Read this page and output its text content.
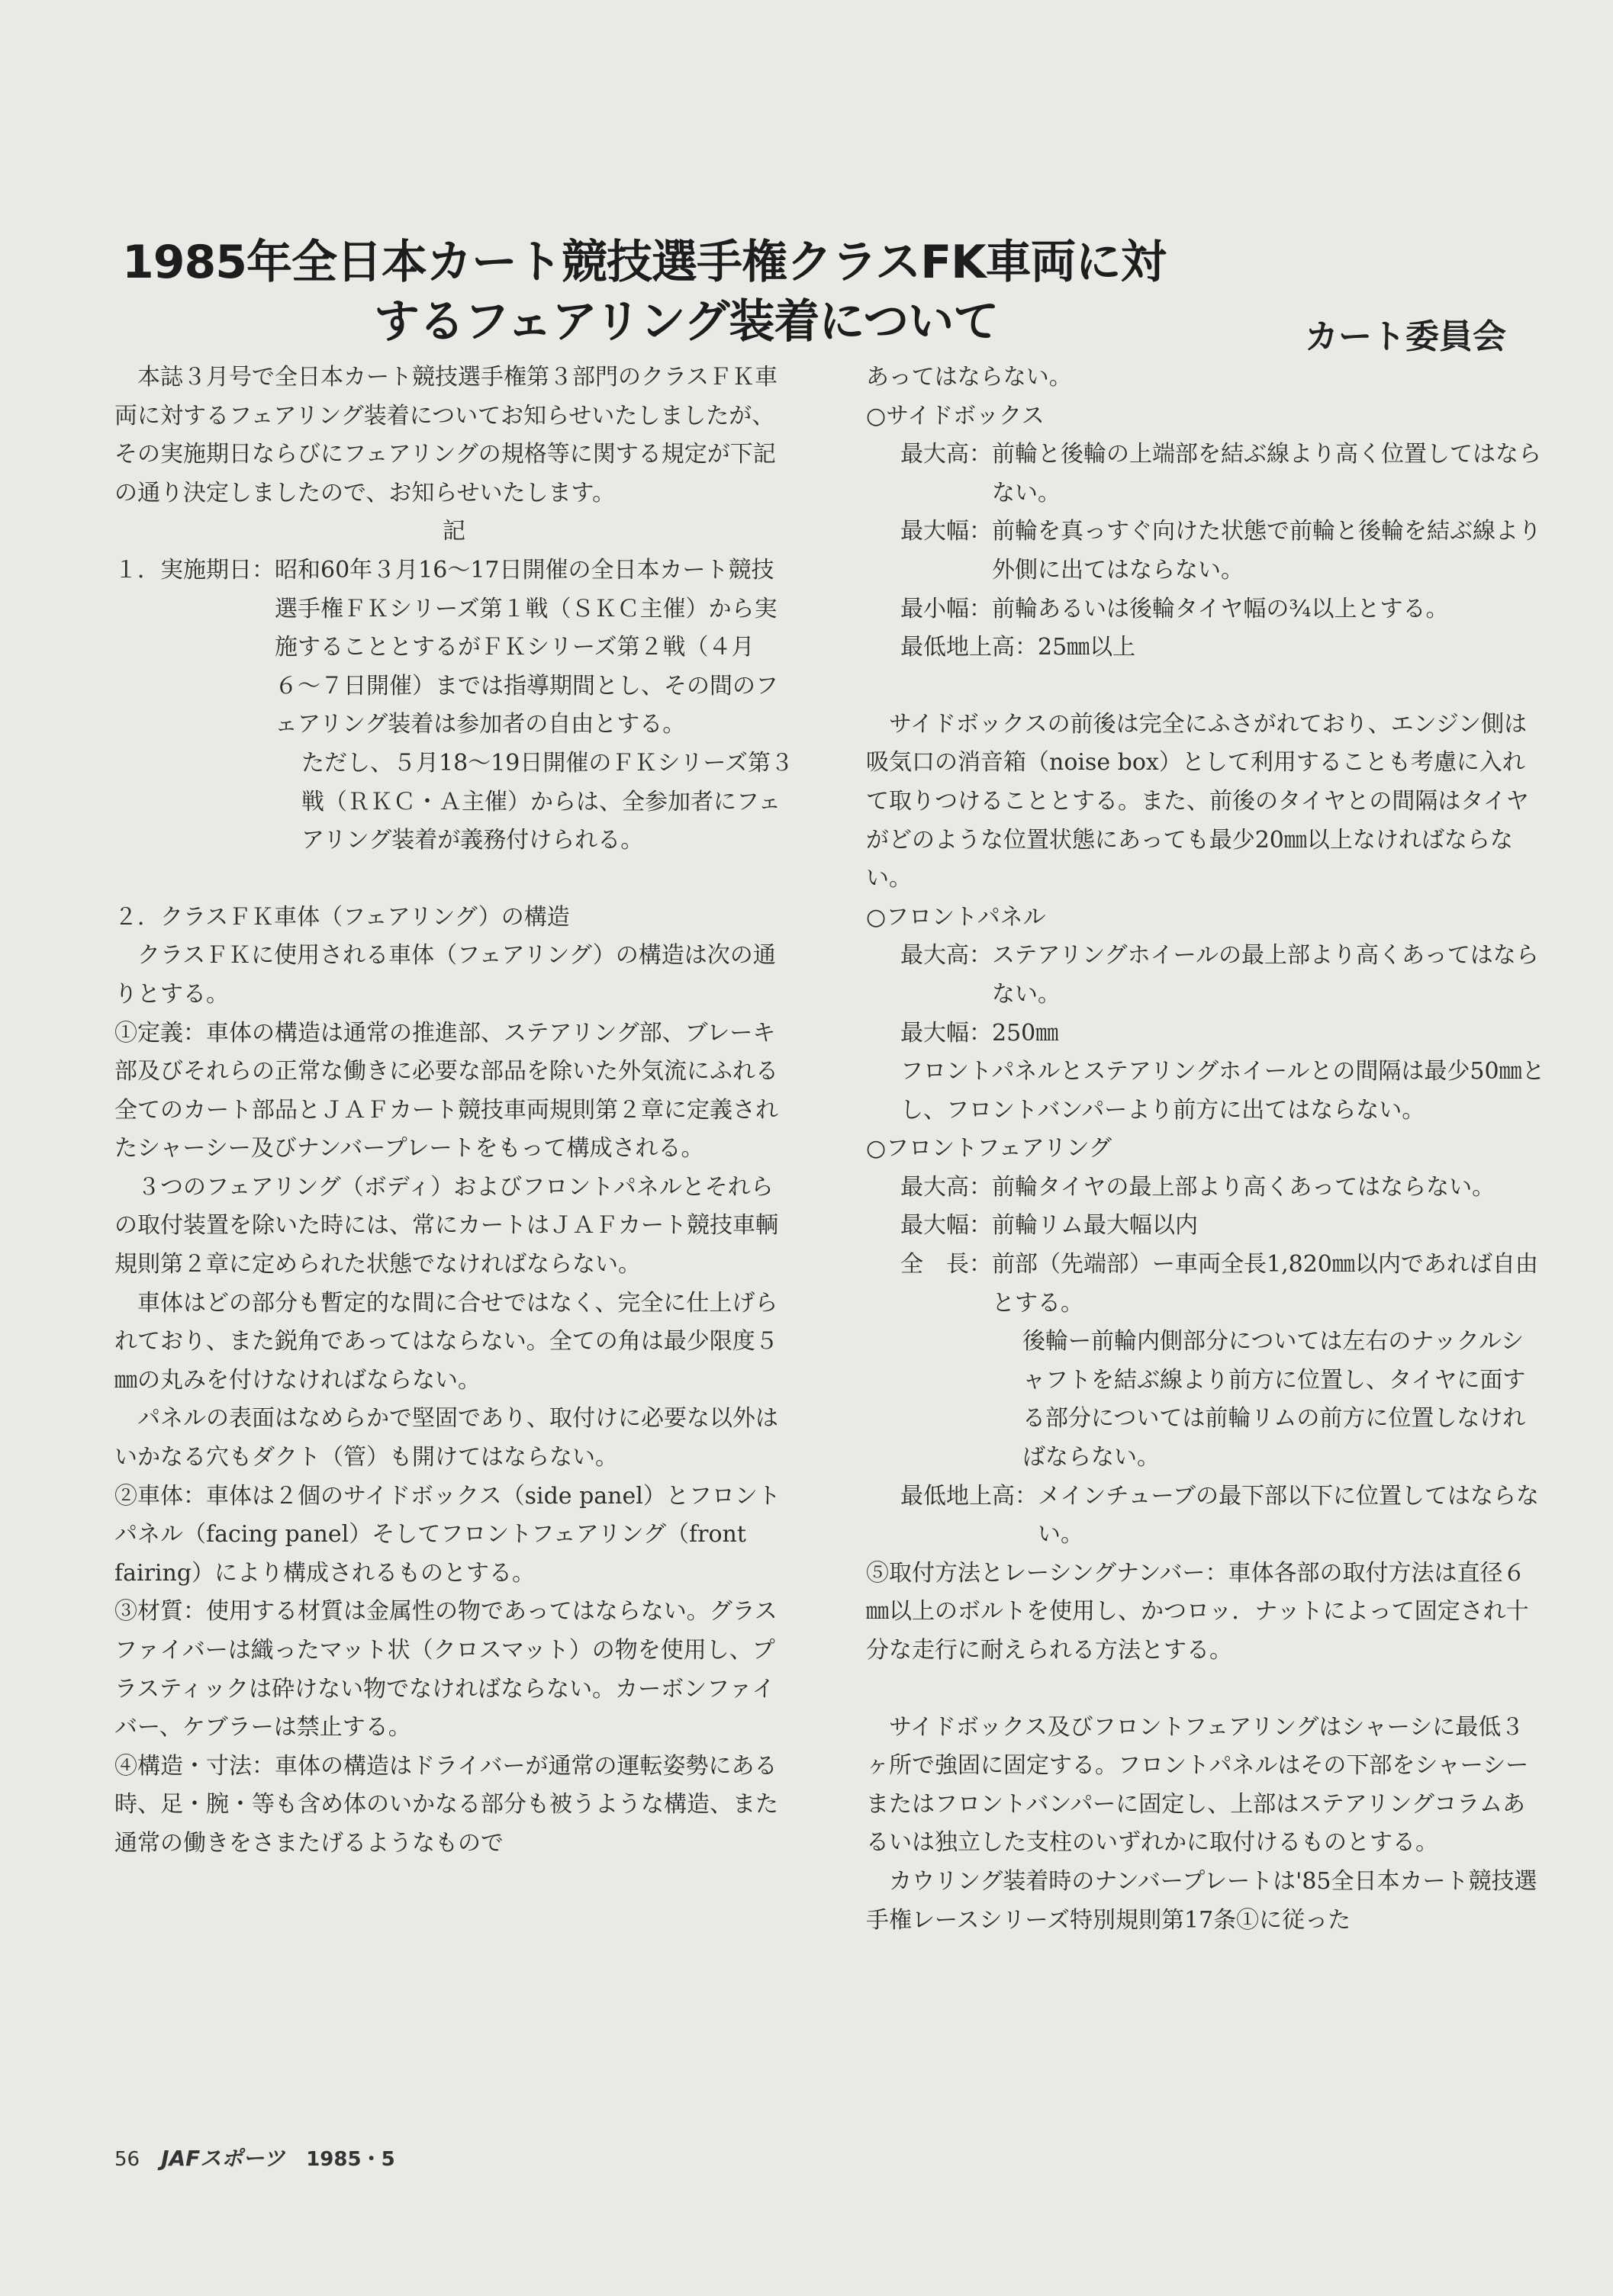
1985年全日本カート競技選手権クラスFK車両に対
するフェアリング装着について	カート委員会

本誌３月号で全日本カート競技選手権第３部門のクラスＦＫ車両に対するフェアリング装着についてお知らせいたしましたが、その実施期日ならびにフェアリングの規格等に関する規定が下記の通り決定しましたので、お知らせいたします。

記

１．実施期日： 昭和60年３月16〜17日開催の全日本カート競技選手権ＦＫシリーズ第１戦（ＳＫＣ主催）から実施することとするがＦＫシリーズ第２戦（４月６〜７日開催）までは指導期間とし、その間のフェアリング装着は参加者の自由とする。

ただし、５月18〜19日開催のＦＫシリーズ第３戦（ＲＫＣ・Ａ主催）からは、全参加者にフェアリング装着が義務付けられる。

２．クラスＦＫ車体（フェアリング）の構造

クラスＦＫに使用される車体（フェアリング）の構造は次の通りとする。

①定義：車体の構造は通常の推進部、ステアリング部、ブレーキ部及びそれらの正常な働きに必要な部品を除いた外気流にふれる全てのカート部品とＪＡＦカート競技車両規則第２章に定義されたシャーシー及びナンバープレートをもって構成される。

３つのフェアリング（ボディ）およびフロントパネルとそれらの取付装置を除いた時には、常にカートはＪＡＦカート競技車輌規則第２章に定められた状態でなければならない。

車体はどの部分も暫定的な間に合せではなく、完全に仕上げられており、また鋭角であってはならない。全ての角は最少限度５㎜の丸みを付けなければならない。

パネルの表面はなめらかで堅固であり、取付けに必要な以外はいかなる穴もダクト（管）も開けてはならない。

②車体：車体は２個のサイドボックス（side panel）とフロントパネル（facing panel）そしてフロントフェアリング（front fairing）により構成されるものとする。

③材質：使用する材質は金属性の物であってはならない。グラスファイバーは織ったマット状（クロスマット）の物を使用し、プラスティックは砕けない物でなければならない。カーボンファイバー、ケブラーは禁止する。

④構造・寸法：車体の構造はドライバーが通常の運転姿勢にある時、足・腕・等も含め体のいかなる部分も被うような構造、また通常の働きをさまたげるようなもので

あってはならない。

○サイドボックス

最大高： 前輪と後輪の上端部を結ぶ線より高く位置してはならない。
最大幅： 前輪を真っすぐ向けた状態で前輪と後輪を結ぶ線より外側に出てはならない。
最小幅： 前輪あるいは後輪タイヤ幅の¾以上とする。
最低地上高： 25㎜以上

サイドボックスの前後は完全にふさがれており、エンジン側は吸気口の消音箱（noise box）として利用することも考慮に入れて取りつけることとする。また、前後のタイヤとの間隔はタイヤがどのような位置状態にあっても最少20㎜以上なければならない。

○フロントパネル

最大高： ステアリングホイールの最上部より高くあってはならない。
最大幅： 250㎜

フロントパネルとステアリングホイールとの間隔は最少50㎜とし、フロントバンパーより前方に出てはならない。

○フロントフェアリング

最大高： 前輪タイヤの最上部より高くあってはならない。
最大幅： 前輪リム最大幅以内
全　長： 前部（先端部）ー車両全長1,820㎜以内であれば自由とする。
後輪ー前輪内側部分については左右のナックルシャフトを結ぶ線より前方に位置し、タイヤに面する部分については前輪リムの前方に位置しなければならない。
最低地上高： メインチューブの最下部以下に位置してはならない。

⑤取付方法とレーシングナンバー：車体各部の取付方法は直径６㎜以上のボルトを使用し、かつロッ．ナットによって固定され十分な走行に耐えられる方法とする。

サイドボックス及びフロントフェアリングはシャーシに最低３ヶ所で強固に固定する。フロントパネルはその下部をシャーシーまたはフロントバンパーに固定し、上部はステアリングコラムあるいは独立した支柱のいずれかに取付けるものとする。

カウリング装着時のナンバープレートは'85全日本カート競技選手権レースシリーズ特別規則第17条①に従った

56 JAFスポーツ 1985・5
